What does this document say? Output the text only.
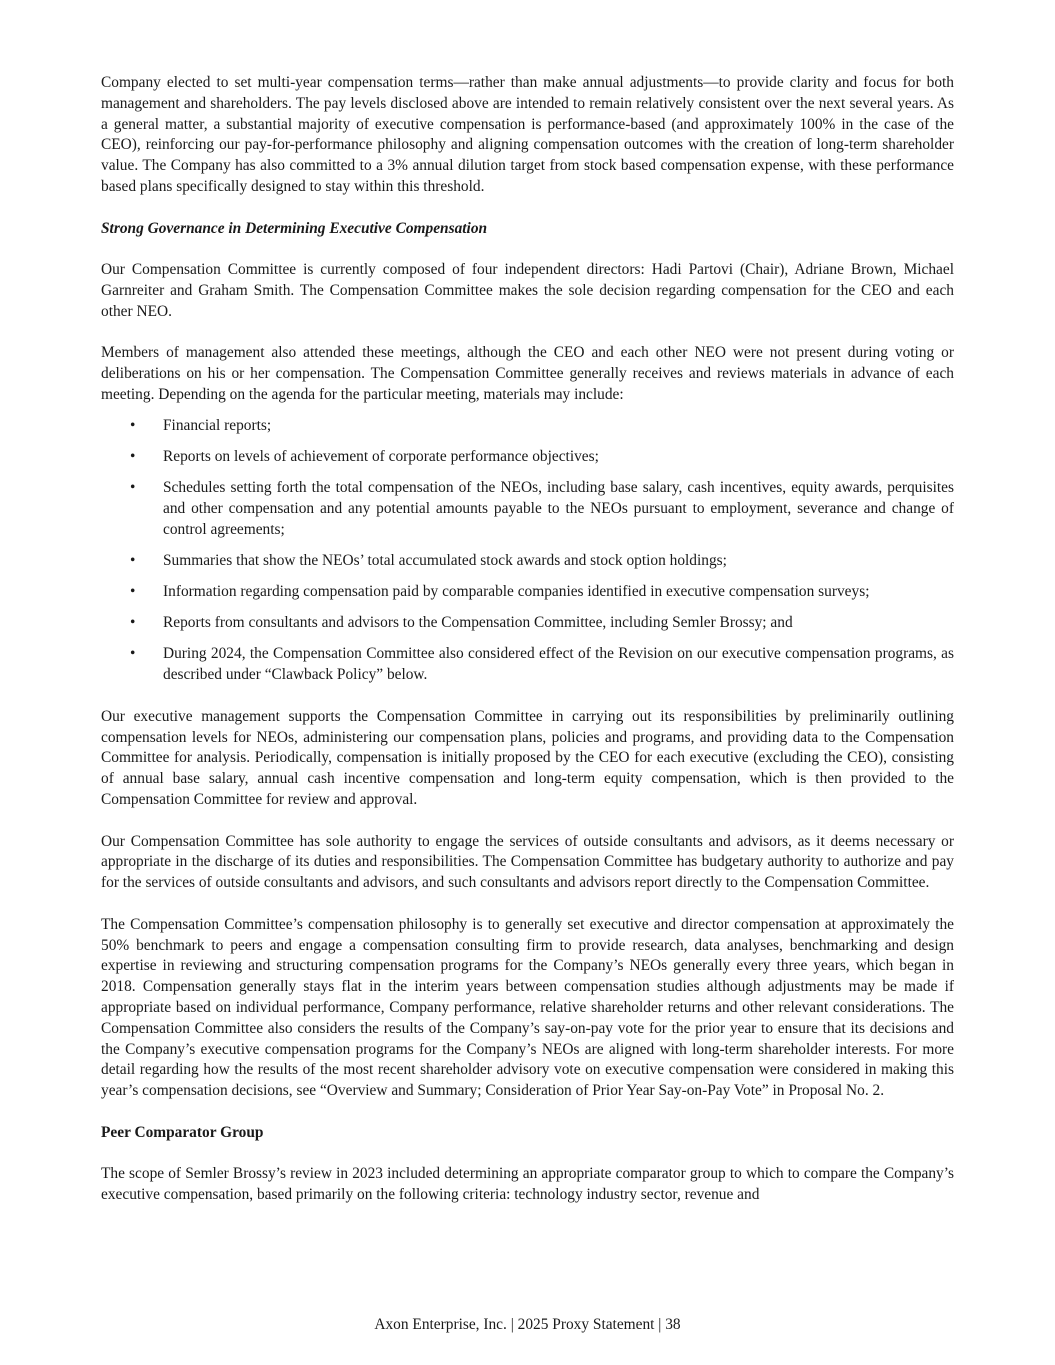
Company elected to set multi-year compensation terms—rather than make annual adjustments—to provide clarity and focus for both management and shareholders. The pay levels disclosed above are intended to remain relatively consistent over the next several years. As a general matter, a substantial majority of executive compensation is performance-based (and approximately 100% in the case of the CEO), reinforcing our pay-for-performance philosophy and aligning compensation outcomes with the creation of long-term shareholder value. The Company has also committed to a 3% annual dilution target from stock based compensation expense, with these performance based plans specifically designed to stay within this threshold.

Strong Governance in Determining Executive Compensation

Our Compensation Committee is currently composed of four independent directors: Hadi Partovi (Chair), Adriane Brown, Michael Garnreiter and Graham Smith. The Compensation Committee makes the sole decision regarding compensation for the CEO and each other NEO.

Members of management also attended these meetings, although the CEO and each other NEO were not present during voting or deliberations on his or her compensation. The Compensation Committee generally receives and reviews materials in advance of each meeting. Depending on the agenda for the particular meeting, materials may include:

• Financial reports;
• Reports on levels of achievement of corporate performance objectives;
• Schedules setting forth the total compensation of the NEOs, including base salary, cash incentives, equity awards, perquisites and other compensation and any potential amounts payable to the NEOs pursuant to employment, severance and change of control agreements;
• Summaries that show the NEOs’ total accumulated stock awards and stock option holdings;
• Information regarding compensation paid by comparable companies identified in executive compensation surveys;
• Reports from consultants and advisors to the Compensation Committee, including Semler Brossy; and
• During 2024, the Compensation Committee also considered effect of the Revision on our executive compensation programs, as described under “Clawback Policy” below.

Our executive management supports the Compensation Committee in carrying out its responsibilities by preliminarily outlining compensation levels for NEOs, administering our compensation plans, policies and programs, and providing data to the Compensation Committee for analysis. Periodically, compensation is initially proposed by the CEO for each executive (excluding the CEO), consisting of annual base salary, annual cash incentive compensation and long-term equity compensation, which is then provided to the Compensation Committee for review and approval.

Our Compensation Committee has sole authority to engage the services of outside consultants and advisors, as it deems necessary or appropriate in the discharge of its duties and responsibilities. The Compensation Committee has budgetary authority to authorize and pay for the services of outside consultants and advisors, and such consultants and advisors report directly to the Compensation Committee.

The Compensation Committee’s compensation philosophy is to generally set executive and director compensation at approximately the 50% benchmark to peers and engage a compensation consulting firm to provide research, data analyses, benchmarking and design expertise in reviewing and structuring compensation programs for the Company’s NEOs generally every three years, which began in 2018. Compensation generally stays flat in the interim years between compensation studies although adjustments may be made if appropriate based on individual performance, Company performance, relative shareholder returns and other relevant considerations. The Compensation Committee also considers the results of the Company’s say-on-pay vote for the prior year to ensure that its decisions and the Company’s executive compensation programs for the Company’s NEOs are aligned with long-term shareholder interests. For more detail regarding how the results of the most recent shareholder advisory vote on executive compensation were considered in making this year’s compensation decisions, see “Overview and Summary; Consideration of Prior Year Say-on-Pay Vote” in Proposal No. 2.

Peer Comparator Group

The scope of Semler Brossy’s review in 2023 included determining an appropriate comparator group to which to compare the Company’s executive compensation, based primarily on the following criteria: technology industry sector, revenue and

Axon Enterprise, Inc. | 2025 Proxy Statement | 38
